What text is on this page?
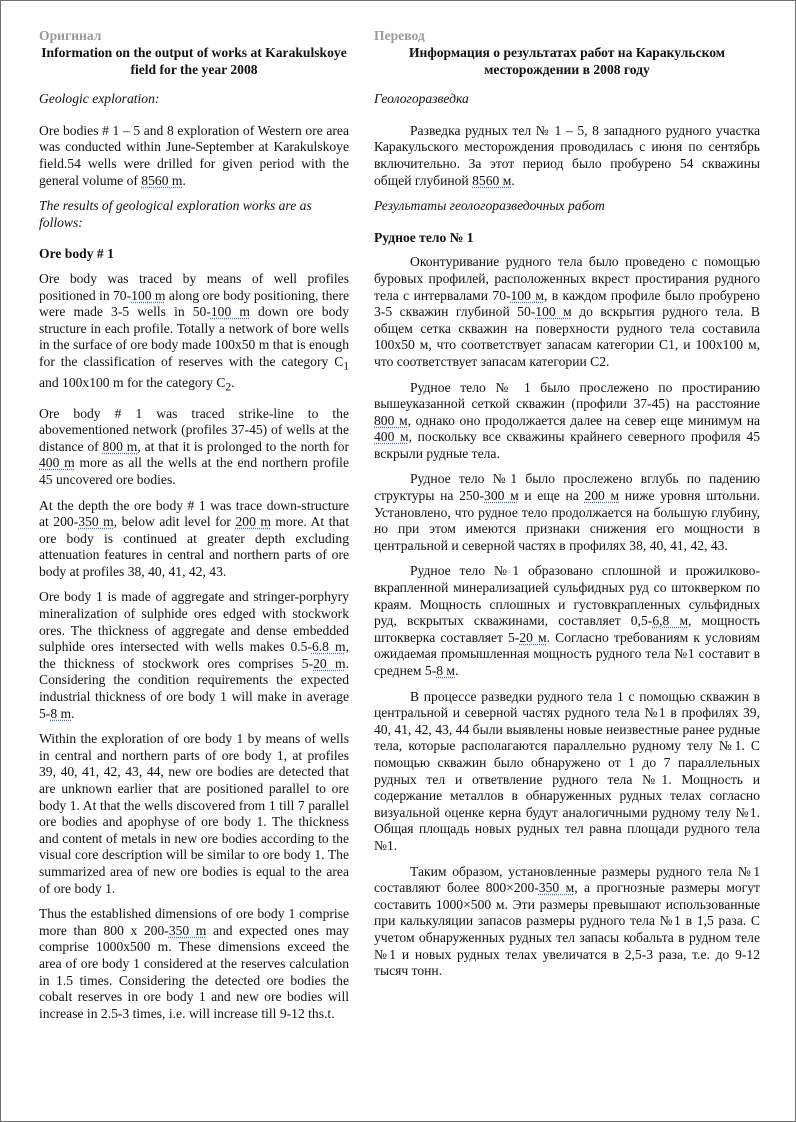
Оригинал
Information on the output of works at Karakulskoye field for the year 2008
Geologic exploration:

Ore bodies # 1 – 5 and 8 exploration of Western ore area was conducted within June-September at Karakulskoye field.54 wells were drilled for given period with the general volume of 8560 m.

The results of geological exploration works are as follows:
Ore body # 1

Ore body was traced by means of well profiles positioned in 70-100 m along ore body positioning, there were made 3-5 wells in 50-100 m down ore body structure in each profile. Totally a network of bore wells in the surface of ore body made 100x50 m that is enough for the classification of reserves with the category $C_1$ and 100x100 m for the category $C_2$.

Ore body # 1 was traced strike-line to the abovementioned network (profiles 37-45) of wells at the distance of 800 m, at that it is prolonged to the north for 400 m more as all the wells at the end northern profile 45 uncovered ore bodies.

At the depth the ore body # 1 was trace down-structure at 200-350 m, below adit level for 200 m more. At that ore body is continued at greater depth excluding attenuation features in central and northern parts of ore body at profiles 38, 40, 41, 42, 43.

Ore body 1 is made of aggregate and stringer-porphyry mineralization of sulphide ores edged with stockwork ores. The thickness of aggregate and dense embedded sulphide ores intersected with wells makes 0.5-6.8 m, the thickness of stockwork ores comprises 5-20 m. Considering the condition requirements the expected industrial thickness of ore body 1 will make in average 5-8 m.

Within the exploration of ore body 1 by means of wells in central and northern parts of ore body 1, at profiles 39, 40, 41, 42, 43, 44, new ore bodies are detected that are unknown earlier that are positioned parallel to ore body 1. At that the wells discovered from 1 till 7 parallel ore bodies and apophyse of ore body 1. The thickness and content of metals in new ore bodies according to the visual core description will be similar to ore body 1. The summarized area of new ore bodies is equal to the area of ore body 1.

Thus the established dimensions of ore body 1 comprise more than 800 x 200-350 m and expected ones may comprise 1000x500 m. These dimensions exceed the area of ore body 1 considered at the reserves calculation in 1.5 times. Considering the detected ore bodies the cobalt reserves in ore body 1 and new ore bodies will increase in 2.5-3 times, i.e. will increase till 9-12 ths.t.

Перевод
Информация о результатах работ на Каракульском месторождении в 2008 году
Геологоразведка

Разведка рудных тел № 1 – 5, 8 западного рудного участка Каракульского месторождения проводилась с июня по сентябрь включительно. За этот период было пробурено 54 скважины общей глубиной 8560 м.

Результаты геологоразведочных работ
Рудное тело № 1

Оконтуривание рудного тела было проведено с помощью буровых профилей, расположенных вкрест простирания рудного тела с интервалами 70-100 м, в каждом профиле было пробурено 3-5 скважин глубиной 50-100 м до вскрытия рудного тела. В общем сетка скважин на поверхности рудного тела составила 100х50 м, что соответствует запасам категории С1, и 100х100 м, что соответствует запасам категории С2.

Рудное тело № 1 было прослежено по простиранию вышеуказанной сеткой скважин (профили 37-45) на расстояние 800 м, однако оно продолжается далее на север еще минимум на 400 м, поскольку все скважины крайнего северного профиля 45 вскрыли рудные тела.

Рудное тело №1 было прослежено вглубь по падению структуры на 250-300 м и еще на 200 м ниже уровня штольни. Установлено, что рудное тело продолжается на большую глубину, но при этом имеются признаки снижения его мощности в центральной и северной частях в профилях 38, 40, 41, 42, 43.

Рудное тело №1 образовано сплошной и прожилково-вкрапленной минерализацией сульфидных руд со штокверком по краям. Мощность сплошных и густовкрапленных сульфидных руд, вскрытых скважинами, составляет 0,5-6,8 м, мощность штокверка составляет 5-20 м. Согласно требованиям к условиям ожидаемая промышленная мощность рудного тела №1 составит в среднем 5-8 м.

В процессе разведки рудного тела 1 с помощью скважин в центральной и северной частях рудного тела №1 в профилях 39, 40, 41, 42, 43, 44 были выявлены новые неизвестные ранее рудные тела, которые располагаются параллельно рудному телу №1. С помощью скважин было обнаружено от 1 до 7 параллельных рудных тел и ответвление рудного тела №1. Мощность и содержание металлов в обнаруженных рудных телах согласно визуальной оценке керна будут аналогичными рудному телу №1. Общая площадь новых рудных тел равна площади рудного тела №1.

Таким образом, установленные размеры рудного тела №1 составляют более 800×200-350 м, а прогнозные размеры могут составить 1000×500 м. Эти размеры превышают использованные при калькуляции запасов размеры рудного тела №1 в 1,5 раза. С учетом обнаруженных рудных тел запасы кобальта в рудном теле №1 и новых рудных телах увеличатся в 2,5-3 раза, т.е. до 9-12 тысяч тонн.
